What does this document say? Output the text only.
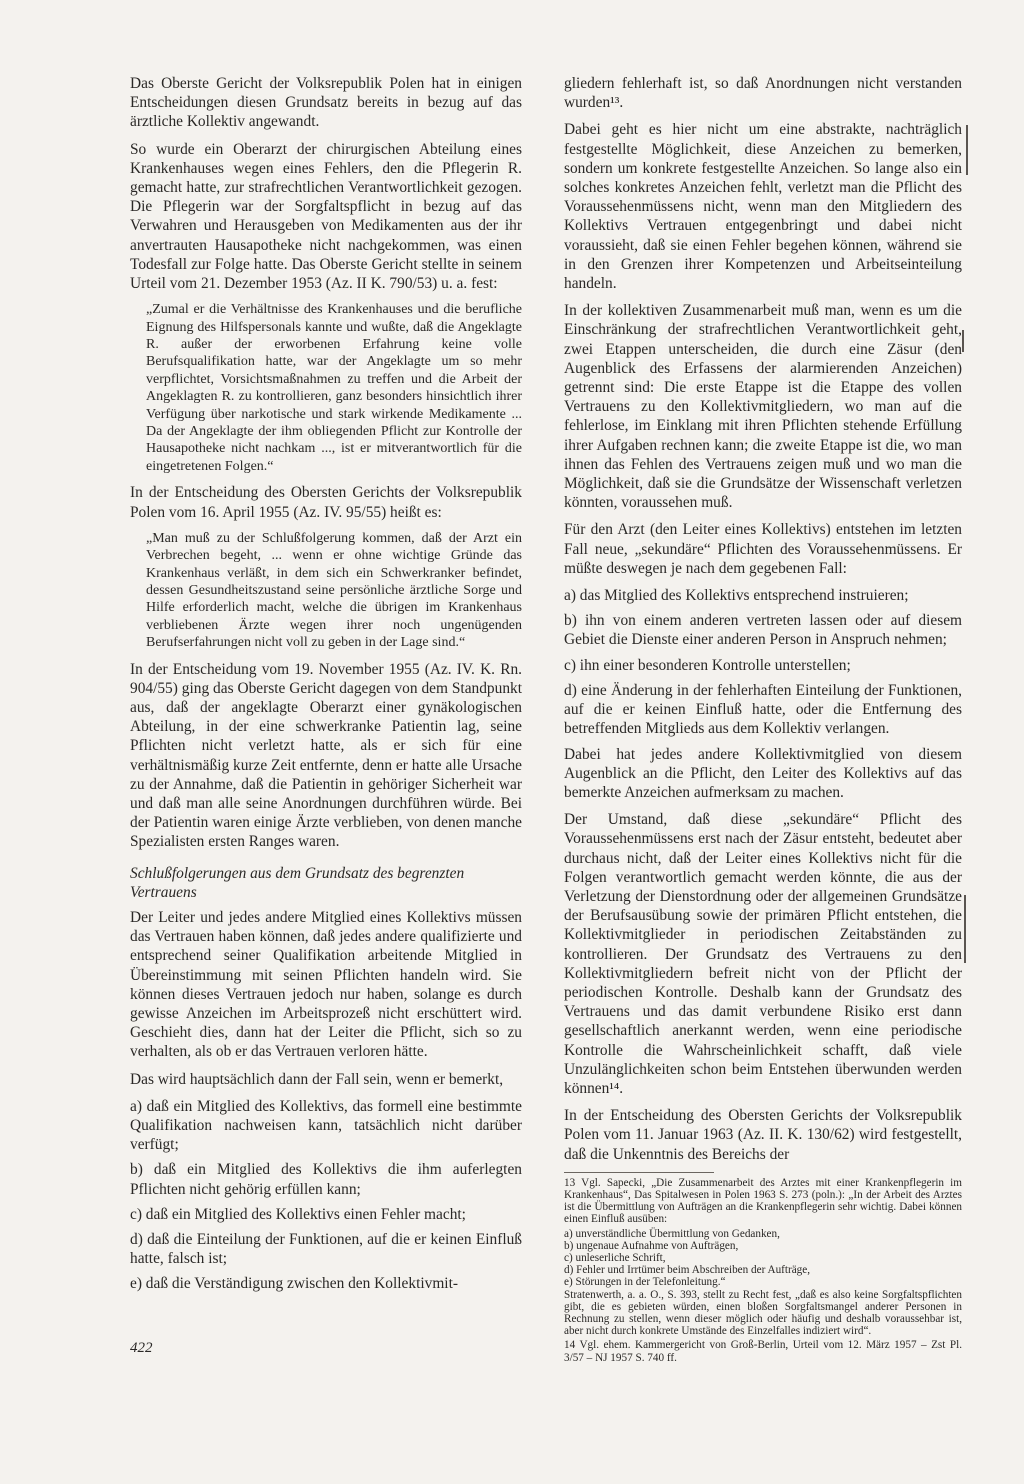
Das Oberste Gericht der Volksrepublik Polen hat in einigen Entscheidungen diesen Grundsatz bereits in bezug auf das ärztliche Kollektiv angewandt.

So wurde ein Oberarzt der chirurgischen Abteilung eines Krankenhauses wegen eines Fehlers, den die Pflegerin R. gemacht hatte, zur strafrechtlichen Verantwortlichkeit gezogen. Die Pflegerin war der Sorgfaltspflicht in bezug auf das Verwahren und Herausgeben von Medikamenten aus der ihr anvertrauten Hausapotheke nicht nachgekommen, was einen Todesfall zur Folge hatte. Das Oberste Gericht stellte in seinem Urteil vom 21. Dezember 1953 (Az. II K. 790/53) u. a. fest:

„Zumal er die Verhältnisse des Krankenhauses und die berufliche Eignung des Hilfspersonals kannte und wußte, daß die Angeklagte R. außer der erworbenen Erfahrung keine volle Berufsqualifikation hatte, war der Angeklagte um so mehr verpflichtet, Vorsichtsmaßnahmen zu treffen und die Arbeit der Angeklagten R. zu kontrollieren, ganz besonders hinsichtlich ihrer Verfügung über narkotische und stark wirkende Medikamente ... Da der Angeklagte der ihm obliegenden Pflicht zur Kontrolle der Hausapotheke nicht nachkam ..., ist er mitverantwortlich für die eingetretenen Folgen.“

In der Entscheidung des Obersten Gerichts der Volksrepublik Polen vom 16. April 1955 (Az. IV. 95/55) heißt es:

„Man muß zu der Schlußfolgerung kommen, daß der Arzt ein Verbrechen begeht, ... wenn er ohne wichtige Gründe das Krankenhaus verläßt, in dem sich ein Schwerkranker befindet, dessen Gesundheitszustand seine persönliche ärztliche Sorge und Hilfe erforderlich macht, welche die übrigen im Krankenhaus verbliebenen Ärzte wegen ihrer noch ungenügenden Berufserfahrungen nicht voll zu geben in der Lage sind.“

In der Entscheidung vom 19. November 1955 (Az. IV. K. Rn. 904/55) ging das Oberste Gericht dagegen von dem Standpunkt aus, daß der angeklagte Oberarzt einer gynäkologischen Abteilung, in der eine schwerkranke Patientin lag, seine Pflichten nicht verletzt hatte, als er sich für eine verhältnismäßig kurze Zeit entfernte, denn er hatte alle Ursache zu der Annahme, daß die Patientin in gehöriger Sicherheit war und daß man alle seine Anordnungen durchführen würde. Bei der Patientin waren einige Ärzte verblieben, von denen manche Spezialisten ersten Ranges waren.

Schlußfolgerungen aus dem Grundsatz des begrenzten Vertrauens

Der Leiter und jedes andere Mitglied eines Kollektivs müssen das Vertrauen haben können, daß jedes andere qualifizierte und entsprechend seiner Qualifikation arbeitende Mitglied in Übereinstimmung mit seinen Pflichten handeln wird. Sie können dieses Vertrauen jedoch nur haben, solange es durch gewisse Anzeichen im Arbeitsprozeß nicht erschüttert wird. Geschieht dies, dann hat der Leiter die Pflicht, sich so zu verhalten, als ob er das Vertrauen verloren hätte.

Das wird hauptsächlich dann der Fall sein, wenn er bemerkt,

a) daß ein Mitglied des Kollektivs, das formell eine bestimmte Qualifikation nachweisen kann, tatsächlich nicht darüber verfügt;

b) daß ein Mitglied des Kollektivs die ihm auferlegten Pflichten nicht gehörig erfüllen kann;

c) daß ein Mitglied des Kollektivs einen Fehler macht;

d) daß die Einteilung der Funktionen, auf die er keinen Einfluß hatte, falsch ist;

e) daß die Verständigung zwischen den Kollektivmit-

gliedern fehlerhaft ist, so daß Anordnungen nicht verstanden wurden¹³.

Dabei geht es hier nicht um eine abstrakte, nachträglich festgestellte Möglichkeit, diese Anzeichen zu bemerken, sondern um konkrete festgestellte Anzeichen. So lange also ein solches konkretes Anzeichen fehlt, verletzt man die Pflicht des Voraussehenmüssens nicht, wenn man den Mitgliedern des Kollektivs Vertrauen entgegenbringt und dabei nicht voraussieht, daß sie einen Fehler begehen können, während sie in den Grenzen ihrer Kompetenzen und Arbeitseinteilung handeln.

In der kollektiven Zusammenarbeit muß man, wenn es um die Einschränkung der strafrechtlichen Verantwortlichkeit geht, zwei Etappen unterscheiden, die durch eine Zäsur (den Augenblick des Erfassens der alarmierenden Anzeichen) getrennt sind: Die erste Etappe ist die Etappe des vollen Vertrauens zu den Kollektivmitgliedern, wo man auf die fehlerlose, im Einklang mit ihren Pflichten stehende Erfüllung ihrer Aufgaben rechnen kann; die zweite Etappe ist die, wo man ihnen das Fehlen des Vertrauens zeigen muß und wo man die Möglichkeit, daß sie die Grundsätze der Wissenschaft verletzen könnten, voraussehen muß.

Für den Arzt (den Leiter eines Kollektivs) entstehen im letzten Fall neue, „sekundäre“ Pflichten des Voraussehenmüssens. Er müßte deswegen je nach dem gegebenen Fall:

a) das Mitglied des Kollektivs entsprechend instruieren;

b) ihn von einem anderen vertreten lassen oder auf diesem Gebiet die Dienste einer anderen Person in Anspruch nehmen;

c) ihn einer besonderen Kontrolle unterstellen;

d) eine Änderung in der fehlerhaften Einteilung der Funktionen, auf die er keinen Einfluß hatte, oder die Entfernung des betreffenden Mitglieds aus dem Kollektiv verlangen.

Dabei hat jedes andere Kollektivmitglied von diesem Augenblick an die Pflicht, den Leiter des Kollektivs auf das bemerkte Anzeichen aufmerksam zu machen.

Der Umstand, daß diese „sekundäre“ Pflicht des Voraussehenmüssens erst nach der Zäsur entsteht, bedeutet aber durchaus nicht, daß der Leiter eines Kollektivs nicht für die Folgen verantwortlich gemacht werden könnte, die aus der Verletzung der Dienstordnung oder der allgemeinen Grundsätze der Berufsausübung sowie der primären Pflicht entstehen, die Kollektivmitglieder in periodischen Zeitabständen zu kontrollieren. Der Grundsatz des Vertrauens zu den Kollektivmitgliedern befreit nicht von der Pflicht der periodischen Kontrolle. Deshalb kann der Grundsatz des Vertrauens und das damit verbundene Risiko erst dann gesellschaftlich anerkannt werden, wenn eine periodische Kontrolle die Wahrscheinlichkeit schafft, daß viele Unzulänglichkeiten schon beim Entstehen überwunden werden können¹⁴.

In der Entscheidung des Obersten Gerichts der Volksrepublik Polen vom 11. Januar 1963 (Az. II. K. 130/62) wird festgestellt, daß die Unkenntnis des Bereichs der

13 Vgl. Sapecki, „Die Zusammenarbeit des Arztes mit einer Krankenpflegerin im Krankenhaus“, Das Spitalwesen in Polen 1963 S. 273 (poln.): „In der Arbeit des Arztes ist die Übermittlung von Aufträgen an die Krankenpflegerin sehr wichtig. Dabei können einen Einfluß ausüben:

a) unverständliche Übermittlung von Gedanken,
b) ungenaue Aufnahme von Aufträgen,
c) unleserliche Schrift,
d) Fehler und Irrtümer beim Abschreiben der Aufträge,
e) Störungen in der Telefonleitung.“

Stratenwerth, a. a. O., S. 393, stellt zu Recht fest, „daß es also keine Sorgfaltspflichten gibt, die es gebieten würden, einen bloßen Sorgfaltsmangel anderer Personen in Rechnung zu stellen, wenn dieser möglich oder häufig und deshalb voraussehbar ist, aber nicht durch konkrete Umstände des Einzelfalles indiziert wird“.

14 Vgl. ehem. Kammergericht von Groß-Berlin, Urteil vom 12. März 1957 – Zst Pl. 3/57 – NJ 1957 S. 740 ff.

422
